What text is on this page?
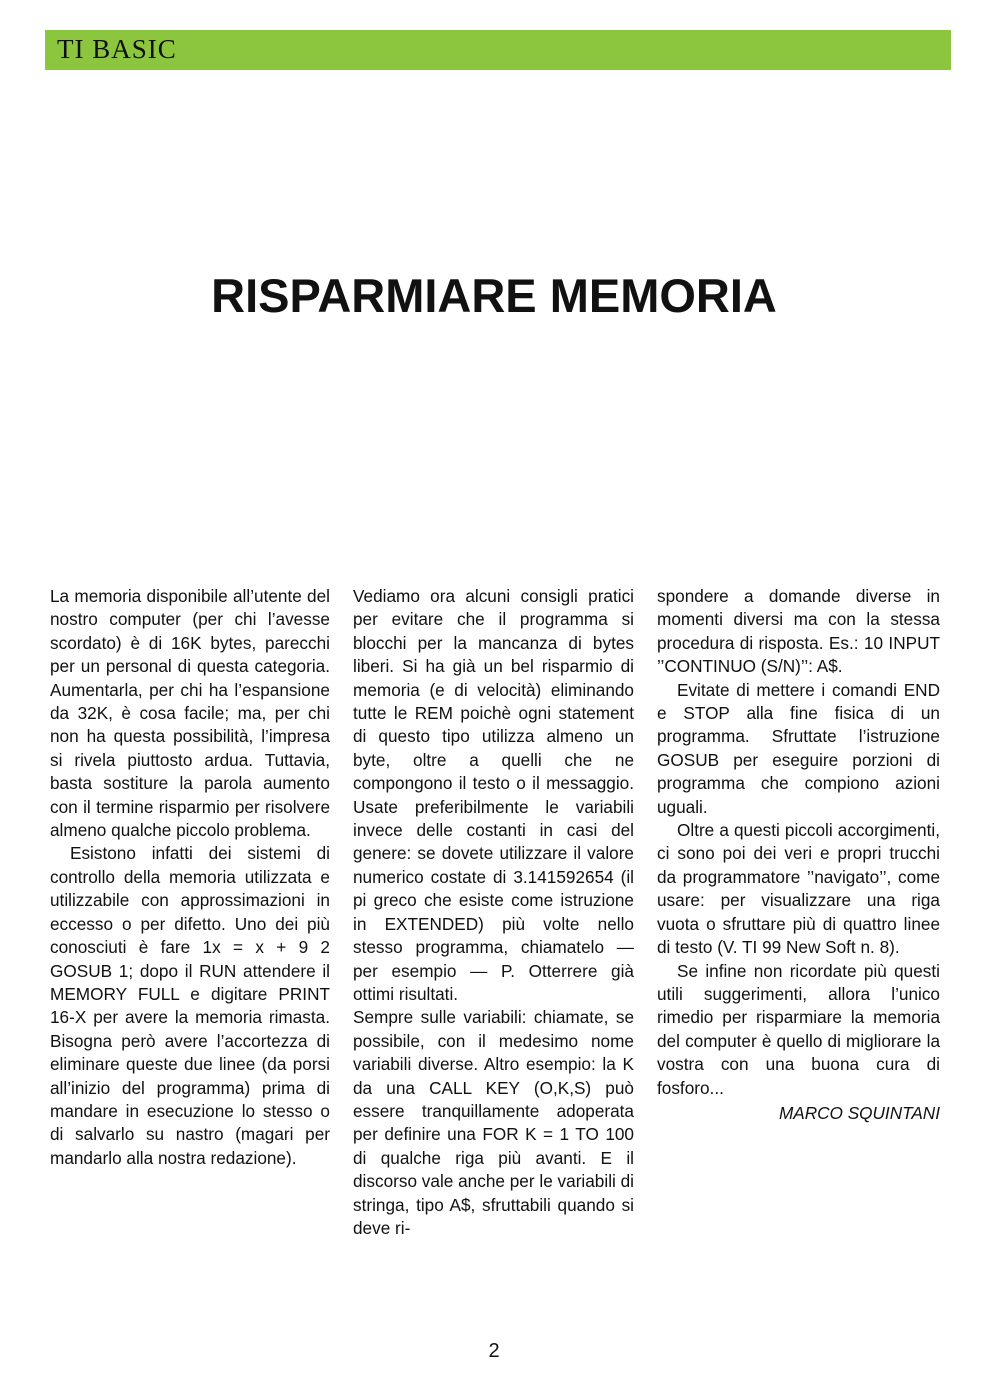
TI BASIC
RISPARMIARE MEMORIA

La memoria disponibile all’utente del nostro computer (per chi l’avesse scordato) è di 16K bytes, parecchi per un personal di questa categoria. Aumentarla, per chi ha l’espansione da 32K, è cosa facile; ma, per chi non ha questa possibilità, l’impresa si rivela piuttosto ardua. Tuttavia, basta sostiture la parola aumento con il termine risparmio per risolvere almeno qualche piccolo problema.

Esistono infatti dei sistemi di controllo della memoria utilizzata e utilizzabile con approssimazioni in eccesso o per difetto. Uno dei più conosciuti è fare 1x = x + 9 2 GOSUB 1; dopo il RUN attendere il MEMORY FULL e digitare PRINT 16-X per avere la memoria rimasta. Bisogna però avere l’accortezza di eliminare queste due linee (da porsi all’inizio del programma) prima di mandare in esecuzione lo stesso o di salvarlo su nastro (magari per mandarlo alla nostra redazione).

Vediamo ora alcuni consigli pratici per evitare che il programma si blocchi per la mancanza di bytes liberi. Si ha già un bel risparmio di memoria (e di velocità) eliminando tutte le REM poichè ogni statement di questo tipo utilizza almeno un byte, oltre a quelli che ne compongono il testo o il messaggio. Usate preferibilmente le variabili invece delle costanti in casi del genere: se dovete utilizzare il valore numerico costate di 3.141592654 (il pi greco che esiste come istruzione in EXTENDED) più volte nello stesso programma, chiamatelo — per esempio — P. Otterrere già ottimi risultati.

Sempre sulle variabili: chiamate, se possibile, con il medesimo nome variabili diverse. Altro esempio: la K da una CALL KEY (O,K,S) può essere tranquillamente adoperata per definire una FOR K = 1 TO 100 di qualche riga più avanti. E il discorso vale anche per le variabili di stringa, tipo A$, sfruttabili quando si deve ri-

spondere a domande diverse in momenti diversi ma con la stessa procedura di risposta. Es.: 10 INPUT ’’CONTINUO (S/N)’’: A$.

Evitate di mettere i comandi END e STOP alla fine fisica di un programma. Sfruttate l’istruzione GOSUB per eseguire porzioni di programma che compiono azioni uguali.

Oltre a questi piccoli accorgimenti, ci sono poi dei veri e propri trucchi da programmatore ’’navigato’’, come usare: per visualizzare una riga vuota o sfruttare più di quattro linee di testo (V. TI 99 New Soft n. 8).

Se infine non ricordate più questi utili suggerimenti, allora l’unico rimedio per risparmiare la memoria del computer è quello di migliorare la vostra con una buona cura di fosforo...

MARCO SQUINTANI

2
